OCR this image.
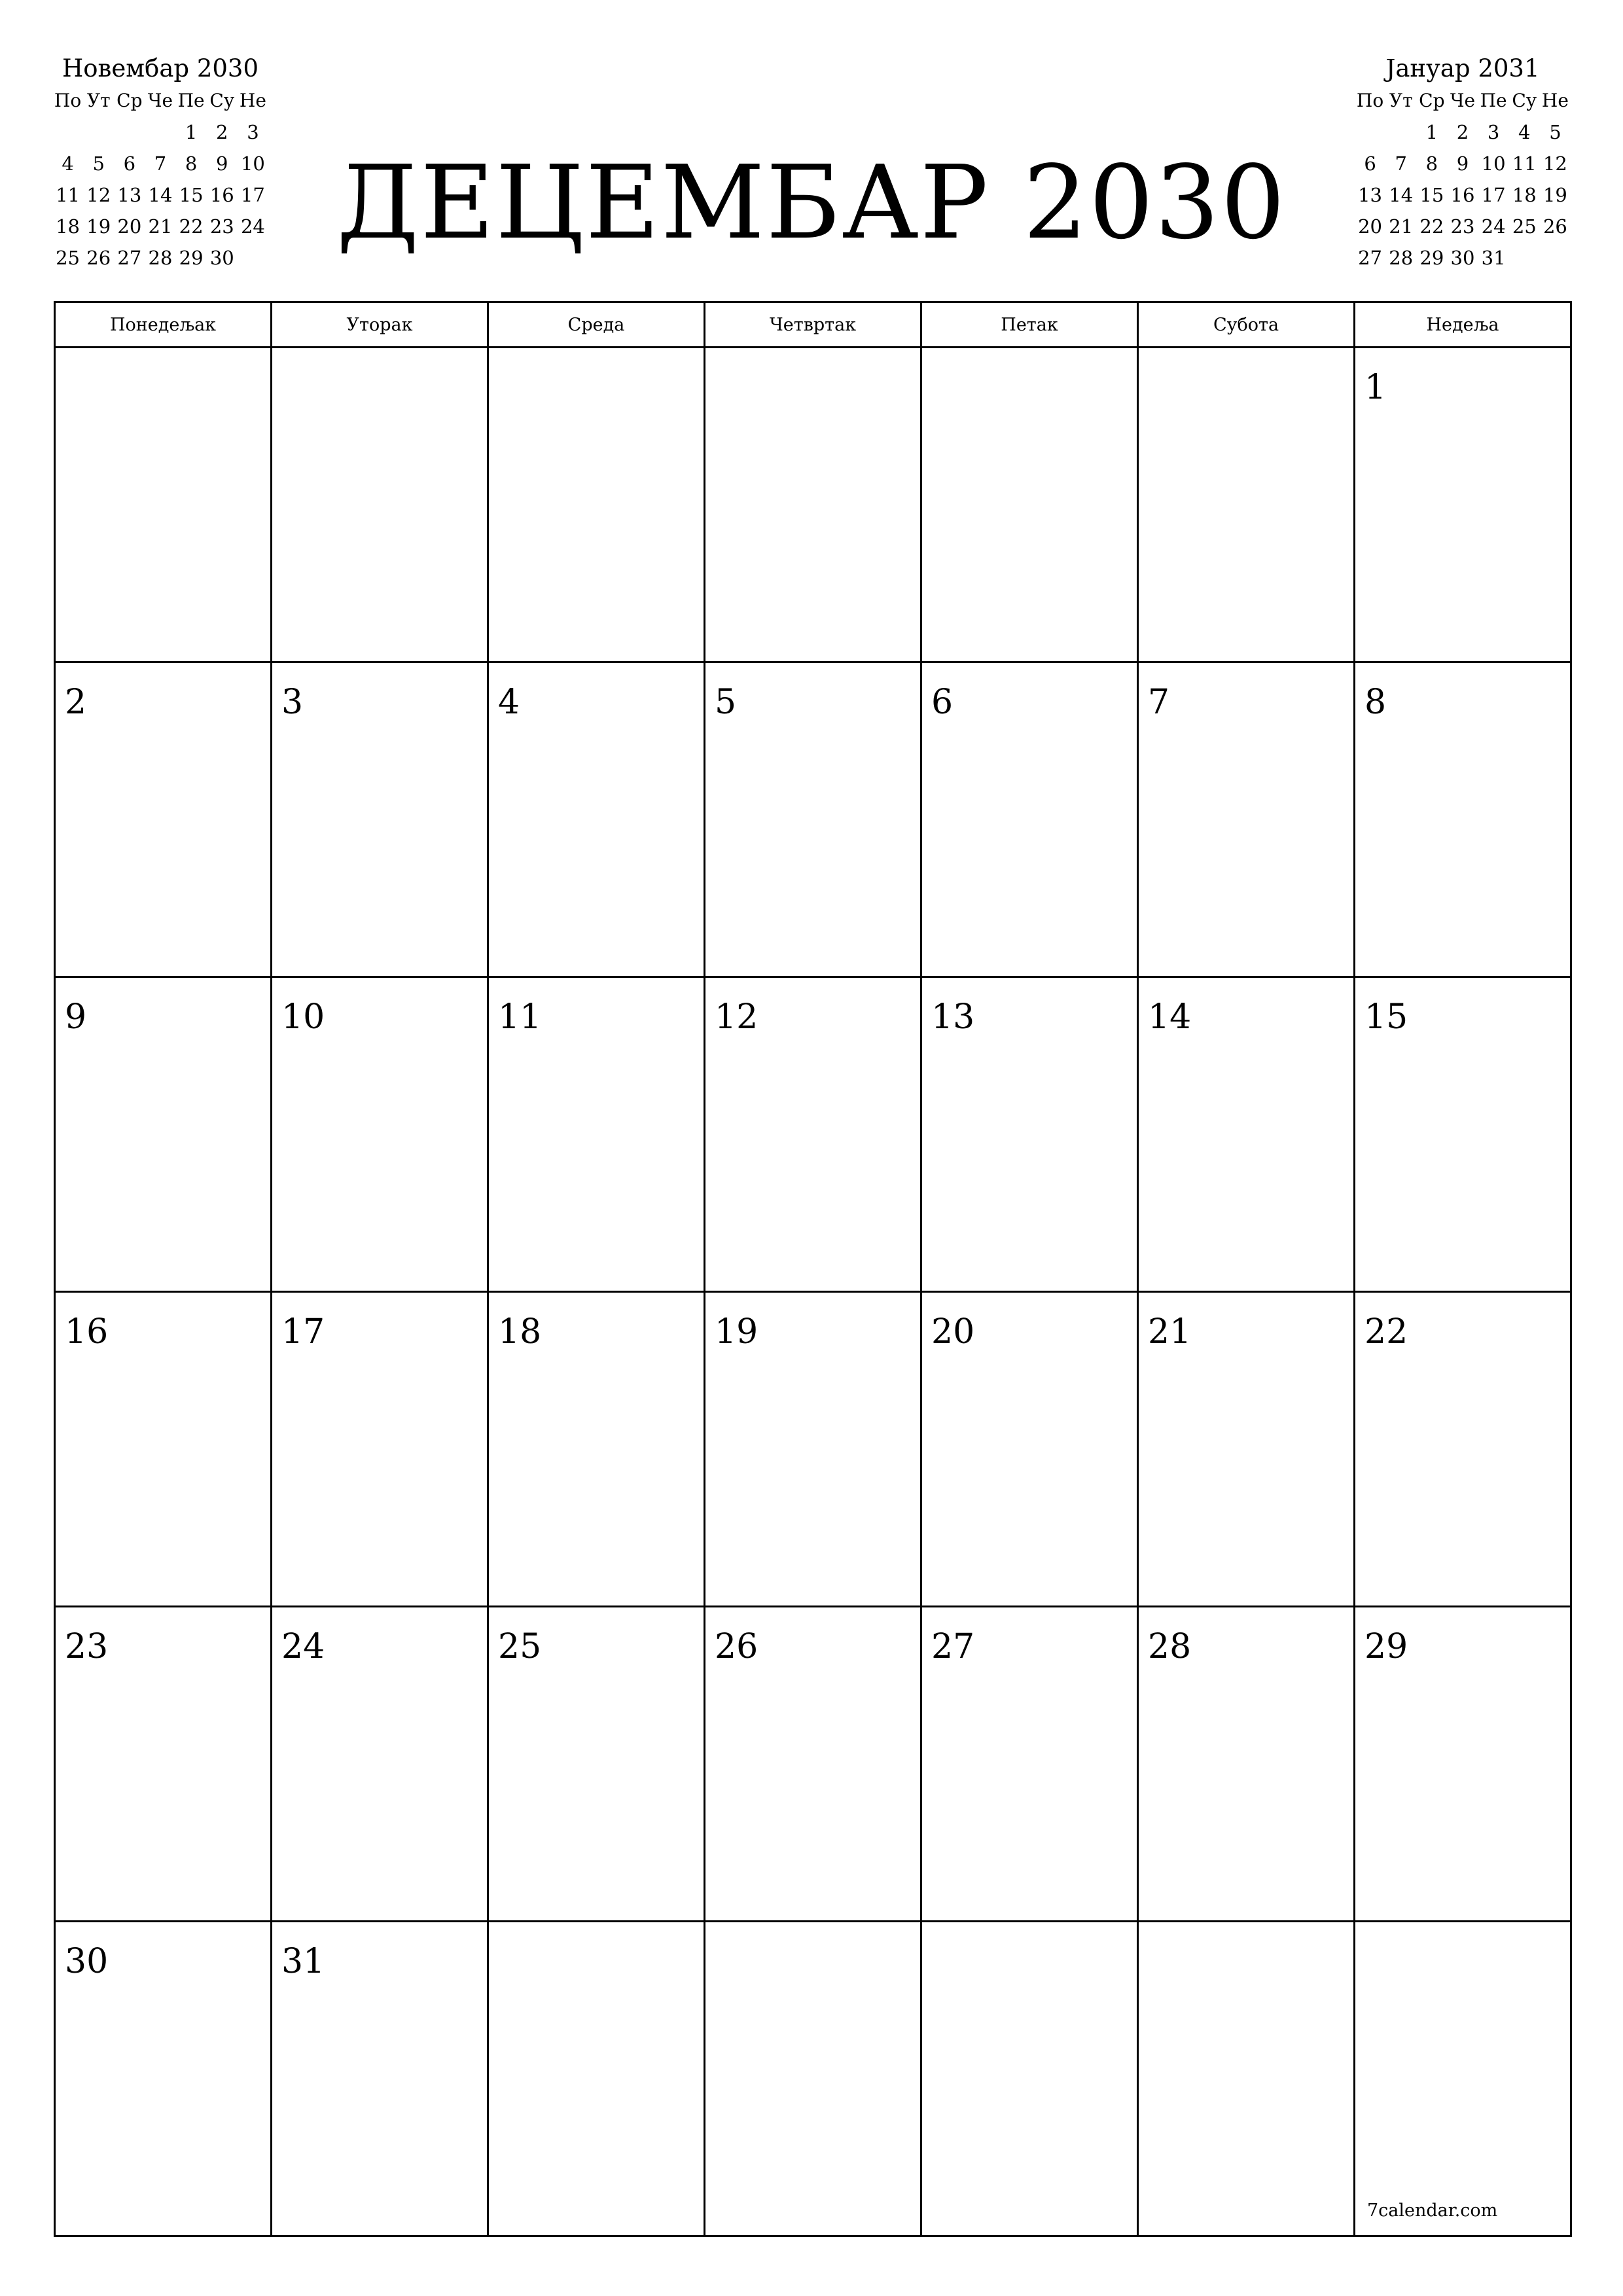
Новембар 2030
По	Ут	Ср	Че	Пе	Су	Не
				1	2	3
4	5	6	7	8	9	10
11	12	13	14	15	16	17
18	19	20	21	22	23	24
25	26	27	28	29	30		ДЕЦЕМБАР 2030
Јануар 2031
По	Ут	Ср	Че	Пе	Су	Не
		1	2	3	4	5
6	7	8	9	10	11	12
13	14	15	16	17	18	19
20	21	22	23	24	25	26
27	28	29	30	31		
Понедељак	Уторак	Среда	Четвртак	Петак	Субота	Недеља

						1

2	3	4	5	6	7	8

9	10	11	12	13	14	15

16	17	18	19	20	21	22

23	24	25	26	27	28	29

30	31					7calendar.com
